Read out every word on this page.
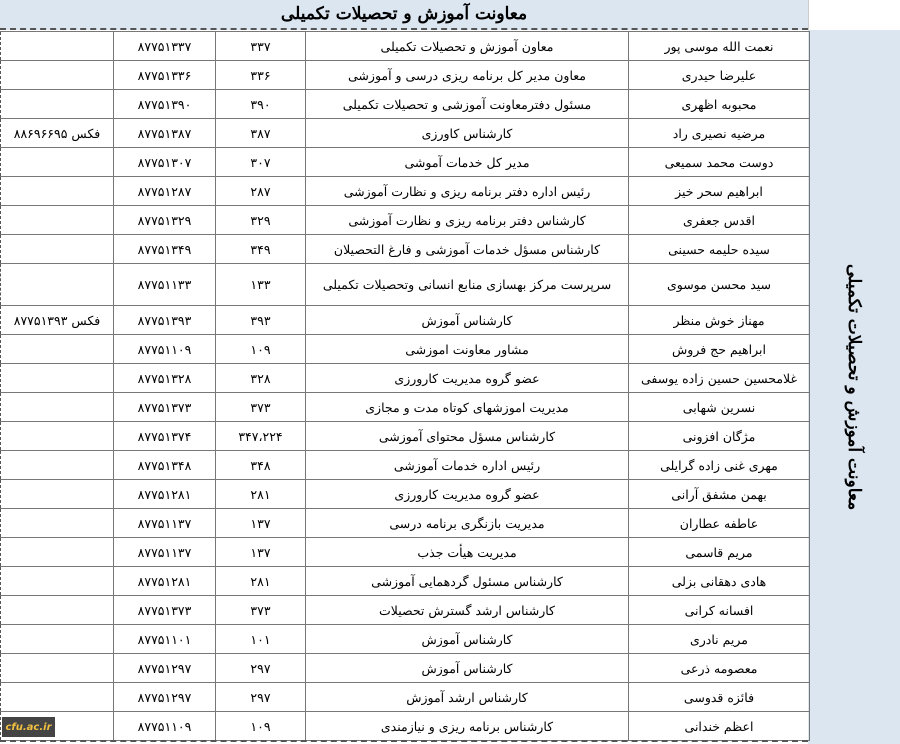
معاونت آموزش و تحصیلات تکمیلی
معاونت آموزش و تحصیلات تکمیلی
	۸۷۷۵۱۳۳۷	۳۳۷	معاون آموزش و تحصیلات تکمیلی	نعمت الله موسی پور
	۸۷۷۵۱۳۳۶	۳۳۶	معاون مدیر کل برنامه ریزی درسی و آموزشی	علیرضا حیدری
	۸۷۷۵۱۳۹۰	۳۹۰	مسئول دفترمعاونت آموزشی و تحصیلات تکمیلی	محبوبه اظهری
فکس ۸۸۶۹۶۶۹۵	۸۷۷۵۱۳۸۷	۳۸۷	کارشناس کاورزی	مرضیه نصیری راد
	۸۷۷۵۱۳۰۷	۳۰۷	مدیر کل خدمات آموشی	دوست محمد سمیعی
	۸۷۷۵۱۲۸۷	۲۸۷	رئیس اداره دفتر برنامه ریزی و نظارت آموزشی	ابراهیم سحر خیز
	۸۷۷۵۱۳۲۹	۳۲۹	کارشناس دفتر برنامه ریزی و نظارت آموزشی	اقدس جعفری
	۸۷۷۵۱۳۴۹	۳۴۹	کارشناس مسؤل خدمات آموزشی و فارغ التحصیلان	سیده حلیمه حسینی
	۸۷۷۵۱۱۳۳	۱۳۳	سرپرست مرکز بهسازی منابع انسانی وتحصیلات تکمیلی	سید محسن موسوی
فکس ۸۷۷۵۱۳۹۳	۸۷۷۵۱۳۹۳	۳۹۳	کارشناس آموزش	مهناز خوش منظر
	۸۷۷۵۱۱۰۹	۱۰۹	مشاور معاونت اموزشی	ابراهیم حج فروش
	۸۷۷۵۱۳۲۸	۳۲۸	عضو گروه مدیریت کارورزی	غلامحسین حسین زاده یوسفی
	۸۷۷۵۱۳۷۳	۳۷۳	مدیریت اموزشهای کوتاه مدت و مجازی	نسرین شهابی
	۸۷۷۵۱۳۷۴	۳۴۷،۲۲۴	کارشناس مسؤل محتوای آموزشی	مژگان افزونی
	۸۷۷۵۱۳۴۸	۳۴۸	رئیس اداره خدمات آموزشی	مهری غنی زاده گرایلی
	۸۷۷۵۱۲۸۱	۲۸۱	عضو گروه مدیریت کارورزی	بهمن مشفق آرانی
	۸۷۷۵۱۱۳۷	۱۳۷	مدیریت بازنگری برنامه درسی	عاطفه عطاران
	۸۷۷۵۱۱۳۷	۱۳۷	مدیریت هیأت جذب	مریم قاسمی
	۸۷۷۵۱۲۸۱	۲۸۱	کارشناس مسئول گردهمایی آموزشی	هادی دهقانی بزلی
	۸۷۷۵۱۳۷۳	۳۷۳	کارشناس ارشد گسترش تحصیلات	افسانه کرانی
	۸۷۷۵۱۱۰۱	۱۰۱	کارشناس آموزش	مریم نادری
	۸۷۷۵۱۲۹۷	۲۹۷	کارشناس آموزش	معصومه ذرعی
	۸۷۷۵۱۲۹۷	۲۹۷	کارشناس ارشد آموزش	فائزه قدوسی
	۸۷۷۵۱۱۰۹	۱۰۹	کارشناس برنامه ریزی و نیازمندی	اعظم خندانی
cfu.ac.ir
